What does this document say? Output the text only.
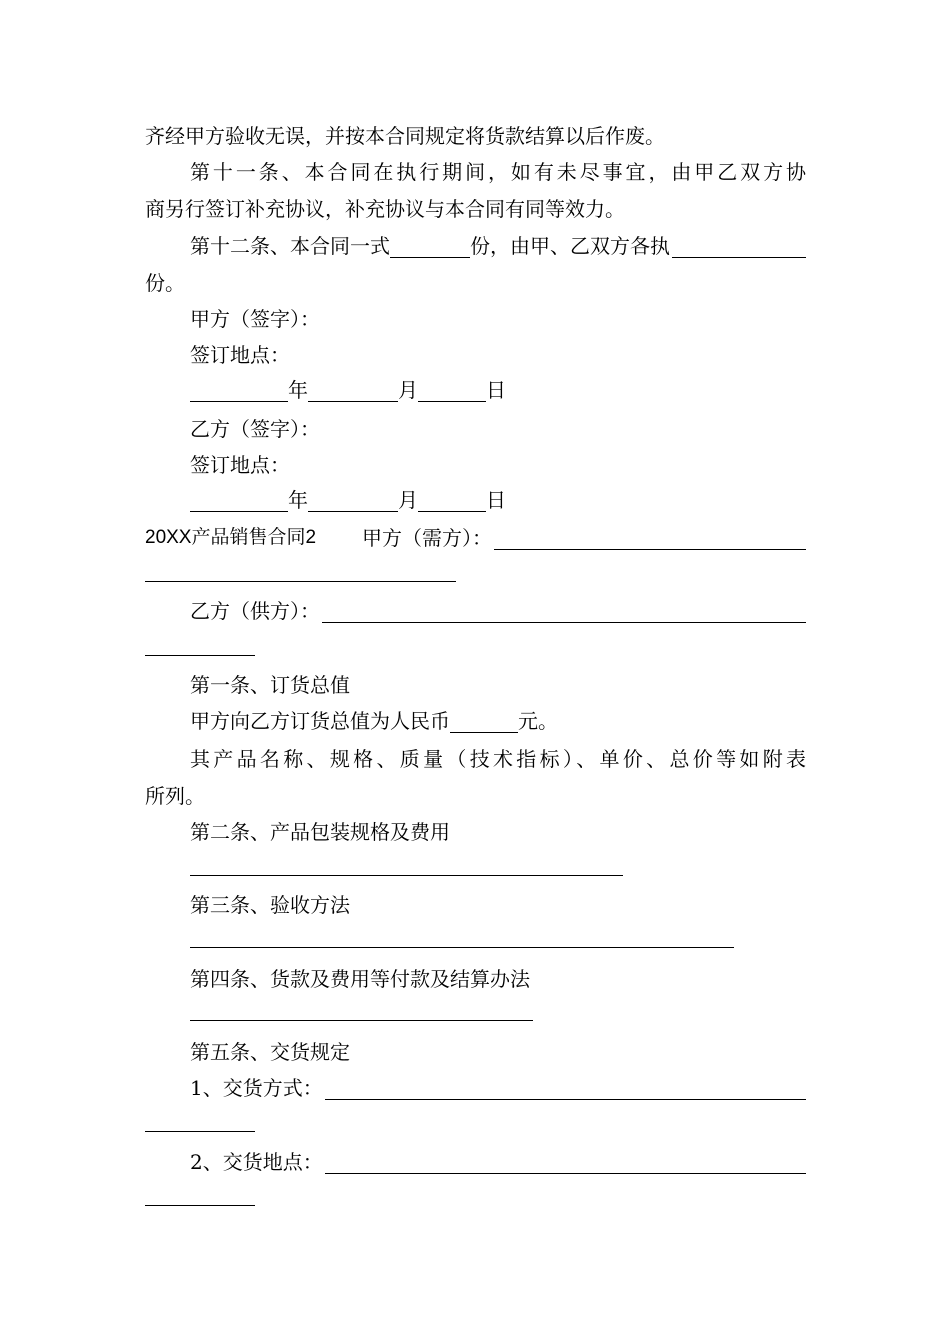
齐经甲方验收无误，并按本合同规定将货款结算以后作废。
第十一条、本合同在执行期间，如有未尽事宜，由甲乙双方协
商另行签订补充协议，补充协议与本合同有同等效力。
第十二条、本合同一式	份，由甲、乙双方各执
份。
甲方（签字）：
签订地点：
年	月	日
乙方（签字）：
签订地点：
年	月	日
20XX产品销售合同2 甲方（需方）：
乙方（供方）：
第一条、订货总值
甲方向乙方订货总值为人民币	元。
其产品名称、规格、质量（技术指标）、单价、总价等如附表
所列。
第二条、产品包装规格及费用
第三条、验收方法
第四条、货款及费用等付款及结算办法
第五条、交货规定
1、交货方式：
2、交货地点：
